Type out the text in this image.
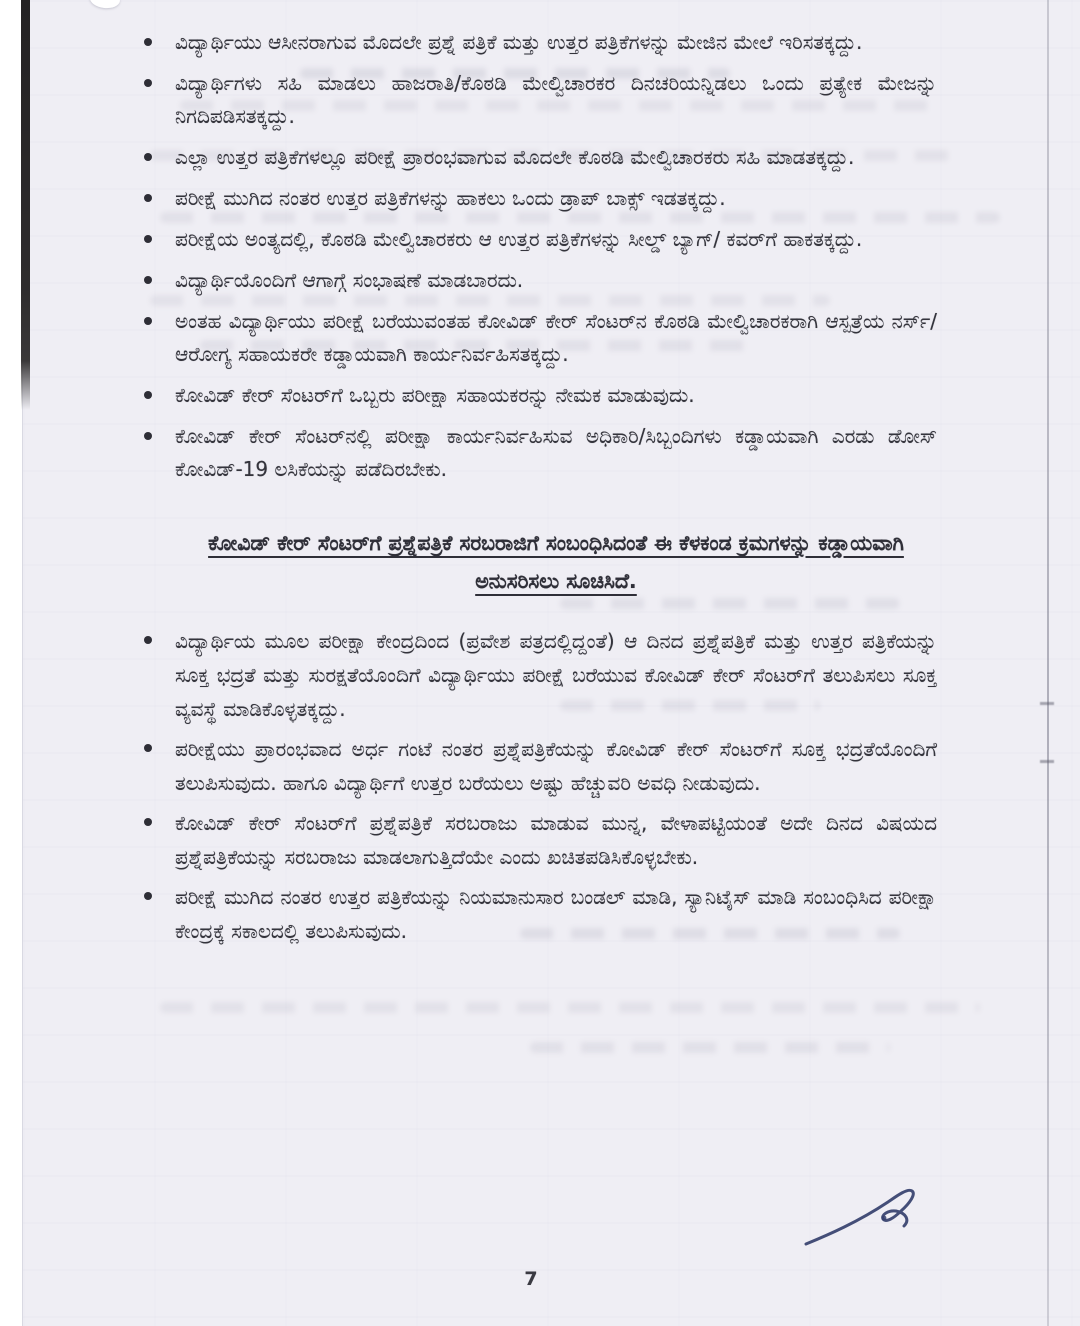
ವಿದ್ಯಾರ್ಥಿಯು ಆಸೀನರಾಗುವ ಮೊದಲೇ ಪ್ರಶ್ನೆ ಪತ್ರಿಕೆ ಮತ್ತು ಉತ್ತರ ಪತ್ರಿಕೆಗಳನ್ನು ಮೇಜಿನ ಮೇಲೆ ಇರಿಸತಕ್ಕದ್ದು.
ವಿದ್ಯಾರ್ಥಿಗಳು ಸಹಿ ಮಾಡಲು ಹಾಜರಾತಿ/ಕೊಠಡಿ ಮೇಲ್ವಿಚಾರಕರ ದಿನಚರಿಯನ್ನಿಡಲು ಒಂದು ಪ್ರತ್ಯೇಕ ಮೇಜನ್ನು ನಿಗದಿಪಡಿಸತಕ್ಕದ್ದು.
ಎಲ್ಲಾ ಉತ್ತರ ಪತ್ರಿಕೆಗಳಲ್ಲೂ ಪರೀಕ್ಷೆ ಪ್ರಾರಂಭವಾಗುವ ಮೊದಲೇ ಕೊಠಡಿ ಮೇಲ್ವಿಚಾರಕರು ಸಹಿ ಮಾಡತಕ್ಕದ್ದು.
ಪರೀಕ್ಷೆ ಮುಗಿದ ನಂತರ ಉತ್ತರ ಪತ್ರಿಕೆಗಳನ್ನು ಹಾಕಲು ಒಂದು ಡ್ರಾಪ್ ಬಾಕ್ಸ್ ಇಡತಕ್ಕದ್ದು.
ಪರೀಕ್ಷೆಯ ಅಂತ್ಯದಲ್ಲಿ, ಕೊಠಡಿ ಮೇಲ್ವಿಚಾರಕರು ಆ ಉತ್ತರ ಪತ್ರಿಕೆಗಳನ್ನು ಸೀಲ್ಡ್ ಬ್ಯಾಗ್/ ಕವರ್‌ಗೆ ಹಾಕತಕ್ಕದ್ದು.
ವಿದ್ಯಾರ್ಥಿಯೊಂದಿಗೆ ಆಗಾಗ್ಗೆ ಸಂಭಾಷಣೆ ಮಾಡಬಾರದು.
ಅಂತಹ ವಿದ್ಯಾರ್ಥಿಯು ಪರೀಕ್ಷೆ ಬರೆಯುವಂತಹ ಕೋವಿಡ್ ಕೇರ್ ಸೆಂಟರ್‌ನ ಕೊಠಡಿ ಮೇಲ್ವಿಚಾರಕರಾಗಿ ಆಸ್ಪತ್ರೆಯ ನರ್ಸ್/ಆರೋಗ್ಯ ಸಹಾಯಕರೇ ಕಡ್ಡಾಯವಾಗಿ ಕಾರ್ಯನಿರ್ವಹಿಸತಕ್ಕದ್ದು.
ಕೋವಿಡ್ ಕೇರ್ ಸೆಂಟರ್‌ಗೆ ಒಬ್ಬರು ಪರೀಕ್ಷಾ ಸಹಾಯಕರನ್ನು ನೇಮಕ ಮಾಡುವುದು.
ಕೋವಿಡ್ ಕೇರ್ ಸೆಂಟರ್‌ನಲ್ಲಿ ಪರೀಕ್ಷಾ ಕಾರ್ಯನಿರ್ವಹಿಸುವ ಅಧಿಕಾರಿ/ಸಿಬ್ಬಂದಿಗಳು ಕಡ್ಡಾಯವಾಗಿ ಎರಡು ಡೋಸ್ ಕೋವಿಡ್-19 ಲಸಿಕೆಯನ್ನು ಪಡೆದಿರಬೇಕು.
ಕೋವಿಡ್ ಕೇರ್ ಸೆಂಟರ್‌ಗೆ ಪ್ರಶ್ನೆಪತ್ರಿಕೆ ಸರಬರಾಜಿಗೆ ಸಂಬಂಧಿಸಿದಂತೆ ಈ ಕೆಳಕಂಡ ಕ್ರಮಗಳನ್ನು ಕಡ್ಡಾಯವಾಗಿ ಅನುಸರಿಸಲು ಸೂಚಿಸಿದೆ.
ವಿದ್ಯಾರ್ಥಿಯ ಮೂಲ ಪರೀಕ್ಷಾ ಕೇಂದ್ರದಿಂದ (ಪ್ರವೇಶ ಪತ್ರದಲ್ಲಿದ್ದಂತೆ) ಆ ದಿನದ ಪ್ರಶ್ನೆಪತ್ರಿಕೆ ಮತ್ತು ಉತ್ತರ ಪತ್ರಿಕೆಯನ್ನು ಸೂಕ್ತ ಭದ್ರತೆ ಮತ್ತು ಸುರಕ್ಷತೆಯೊಂದಿಗೆ ವಿದ್ಯಾರ್ಥಿಯು ಪರೀಕ್ಷೆ ಬರೆಯುವ ಕೋವಿಡ್ ಕೇರ್ ಸೆಂಟರ್‌ಗೆ ತಲುಪಿಸಲು ಸೂಕ್ತ ವ್ಯವಸ್ಥೆ ಮಾಡಿಕೊಳ್ಳತಕ್ಕದ್ದು.
ಪರೀಕ್ಷೆಯು ಪ್ರಾರಂಭವಾದ ಅರ್ಧ ಗಂಟೆ ನಂತರ ಪ್ರಶ್ನೆಪತ್ರಿಕೆಯನ್ನು ಕೋವಿಡ್ ಕೇರ್ ಸೆಂಟರ್‌ಗೆ ಸೂಕ್ತ ಭದ್ರತೆಯೊಂದಿಗೆ ತಲುಪಿಸುವುದು. ಹಾಗೂ ವಿದ್ಯಾರ್ಥಿಗೆ ಉತ್ತರ ಬರೆಯಲು ಅಷ್ಟು ಹೆಚ್ಚುವರಿ ಅವಧಿ ನೀಡುವುದು.
ಕೋವಿಡ್ ಕೇರ್ ಸೆಂಟರ್‌ಗೆ ಪ್ರಶ್ನೆಪತ್ರಿಕೆ ಸರಬರಾಜು ಮಾಡುವ ಮುನ್ನ, ವೇಳಾಪಟ್ಟಿಯಂತೆ ಅದೇ ದಿನದ ವಿಷಯದ ಪ್ರಶ್ನೆಪತ್ರಿಕೆಯನ್ನು ಸರಬರಾಜು ಮಾಡಲಾಗುತ್ತಿದೆಯೇ ಎಂದು ಖಚಿತಪಡಿಸಿಕೊಳ್ಳಬೇಕು.
ಪರೀಕ್ಷೆ ಮುಗಿದ ನಂತರ ಉತ್ತರ ಪತ್ರಿಕೆಯನ್ನು ನಿಯಮಾನುಸಾರ ಬಂಡಲ್ ಮಾಡಿ, ಸ್ಯಾನಿಟೈಸ್ ಮಾಡಿ ಸಂಬಂಧಿಸಿದ ಪರೀಕ್ಷಾ ಕೇಂದ್ರಕ್ಕೆ ಸಕಾಲದಲ್ಲಿ ತಲುಪಿಸುವುದು.
7
